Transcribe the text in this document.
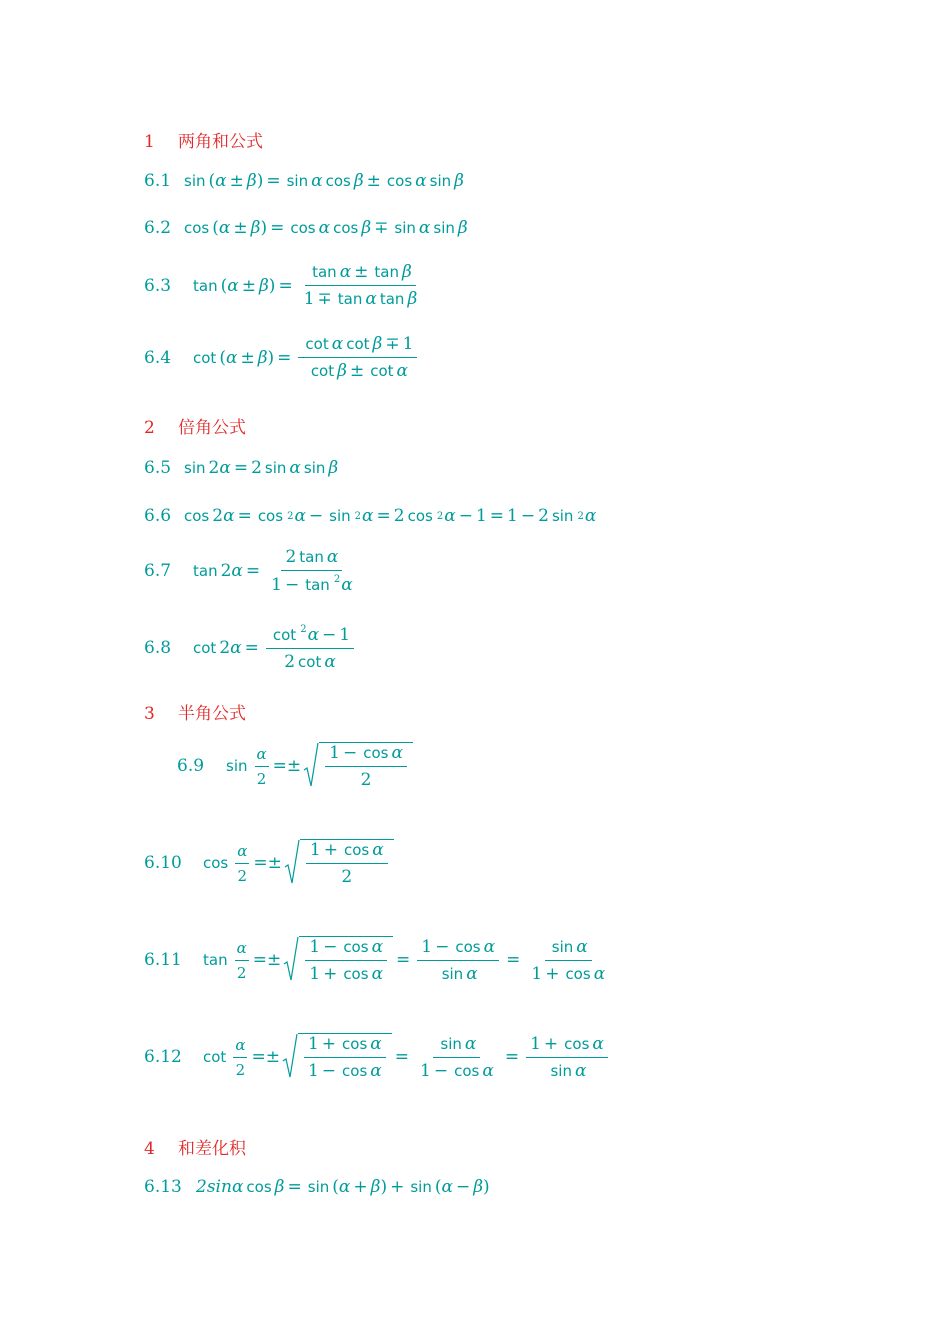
1 两角和公式
6.1 sin ( α ± β ) = sin α cos β ± cos α sin β
6.2 cos ( α ± β ) = cos α cos β ∓ sin α sin β
6.3	tan ( α ± β ) = $\frac{\text{tan α ± tan β}}{\text{1 ∓ tan α tan β}}$
6.4	cot ( α ± β ) = $\frac{\text{cot α cot β ∓ 1}}{\text{cot β ± cot α}}$
2 倍角公式
6.5 sin 2 α = 2 sin α sin β
6.6 cos 2 α = cos 2 α − sin 2 α = 2 cos 2 α − 1 = 1 − 2 sin 2 α
6.7	tan 2 $\alpha = \frac{\text{2 tan α}}{1 - \tan ^2\alpha}$
6.8	cot 2 $\alpha = \frac{\cot ^2\alpha - 1}{\text{2 cot α}}$
3 半角公式
6.9	$\sin \frac{\alpha}{2}$ = ± $\frac{\text{1 − cos α}}{2}$
6.10	$\cos \frac{\alpha}{2}$ = ± $\frac{\text{1 + cos α}}{2}$
6.11	$\tan \frac{\alpha}{2}$ = ± $\frac{\text{1 − cos α}}{\text{1 + cos α}} = \frac{\text{1 − cos α}}{\text{sin α}} = \frac{\text{sin α}}{\text{1 + cos α}}$
6.12	$\cot \frac{\alpha}{2}$ = ± $\frac{\text{1 + cos α}}{\text{1 − cos α}} = \frac{\text{sin α}}{\text{1 − cos α}} = \frac{\text{1 + cos α}}{\text{sin α}}$
4 和差化积
6.13 2sin α cos β = sin ( α + β ) + sin ( α − β )
